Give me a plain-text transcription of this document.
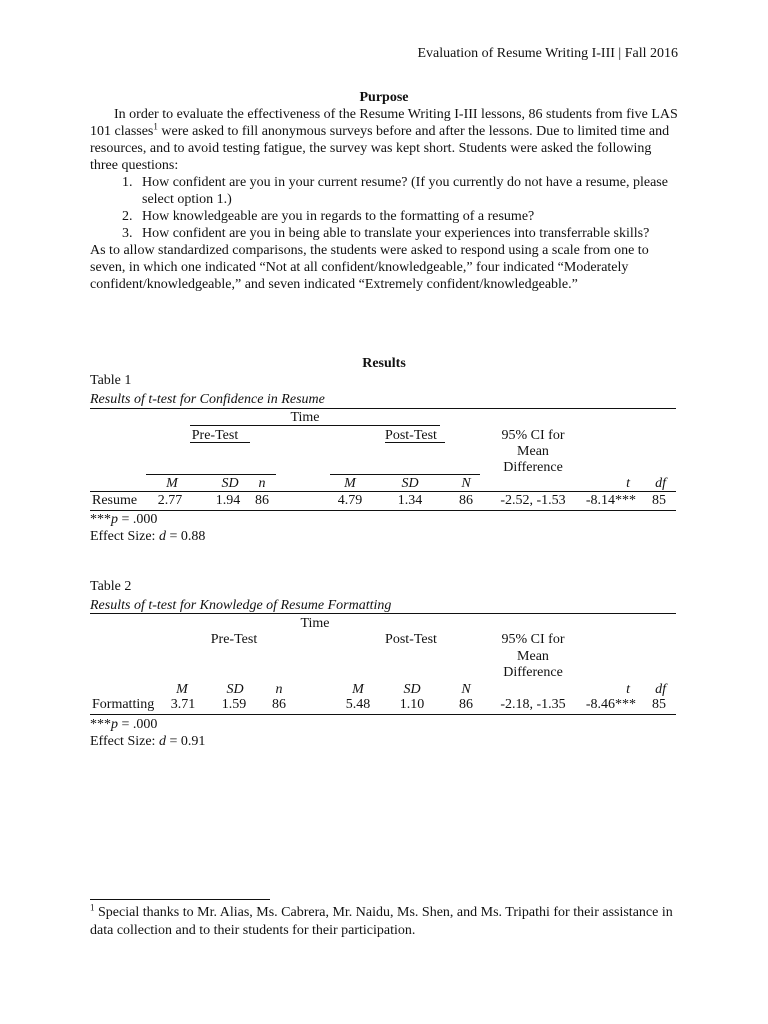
Evaluation of Resume Writing I-III | Fall 2016
Purpose

In order to evaluate the effectiveness of the Resume Writing I-III lessons, 86 students from five LAS 101 classes$^1$ were asked to fill anonymous surveys before and after the lessons. Due to limited time and resources, and to avoid testing fatigue, the survey was kept short. Students were asked the following three questions:

1. How confident are you in your current resume? (If you currently do not have a resume, please select option 1.)
2. How knowledgeable are you in regards to the formatting of a resume?
3. How confident are you in being able to translate your experiences into transferrable skills?

As to allow standardized comparisons, the students were asked to respond using a scale from one to seven, in which one indicated “Not at all confident/knowledgeable,” four indicated “Moderately confident/knowledgeable,” and seven indicated “Extremely confident/knowledgeable.”

Results
Table 1
Results of t-test for Confidence in Resume
Time
Pre-Test	Post-Test	95% CI for
Mean
Difference
M	SD	n	M	SD	N	t	df
Resume	2.77	1.94	86	4.79	1.34	86	-2.52, -1.53	-8.14***	85
***p = .000
Effect Size: d = 0.88
Table 2
Results of t-test for Knowledge of Resume Formatting
Time
Pre-Test	Post-Test	95% CI for
Mean
Difference
M	SD	n	M	SD	N	t	df
Formatting	3.71	1.59	86	5.48	1.10	86	-2.18, -1.35	-8.46***	85
***p = .000
Effect Size: d = 0.91
$^1$ Special thanks to Mr. Alias, Ms. Cabrera, Mr. Naidu, Ms. Shen, and Ms. Tripathi for their assistance in data collection and to their students for their participation.
